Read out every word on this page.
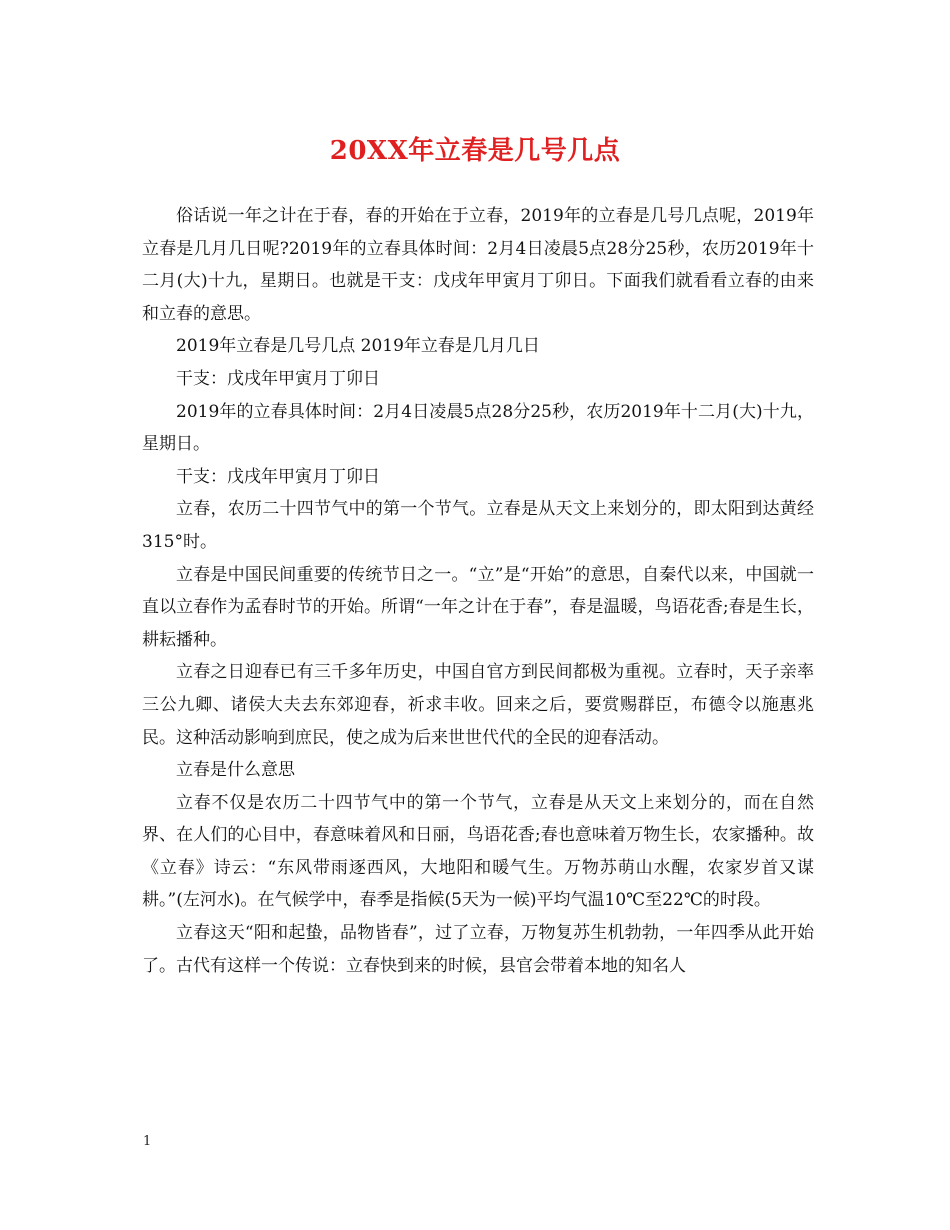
20XX年立春是几号几点

俗话说一年之计在于春，春的开始在于立春，2019年的立春是几号几点呢，2019年立春是几月几日呢?2019年的立春具体时间：2月4日凌晨5点28分25秒，农历2019年十二月(大)十九，星期日。也就是干支：戊戌年甲寅月丁卯日。下面我们就看看立春的由来和立春的意思。

2019年立春是几号几点 2019年立春是几月几日

干支：戊戌年甲寅月丁卯日

2019年的立春具体时间：2月4日凌晨5点28分25秒，农历2019年十二月(大)十九，星期日。

干支：戊戌年甲寅月丁卯日

立春，农历二十四节气中的第一个节气。立春是从天文上来划分的，即太阳到达黄经315°时。

立春是中国民间重要的传统节日之一。“立”是“开始”的意思，自秦代以来，中国就一直以立春作为孟春时节的开始。所谓“一年之计在于春”，春是温暖，鸟语花香;春是生长，耕耘播种。

立春之日迎春已有三千多年历史，中国自官方到民间都极为重视。立春时，天子亲率三公九卿、诸侯大夫去东郊迎春，祈求丰收。回来之后，要赏赐群臣，布德令以施惠兆民。这种活动影响到庶民，使之成为后来世世代代的全民的迎春活动。

立春是什么意思

立春不仅是农历二十四节气中的第一个节气，立春是从天文上来划分的，而在自然界、在人们的心目中，春意味着风和日丽，鸟语花香;春也意味着万物生长，农家播种。故《立春》诗云：“东风带雨逐西风，大地阳和暖气生。万物苏萌山水醒，农家岁首又谋耕。”(左河水)。在气候学中，春季是指候(5天为一候)平均气温10℃至22℃的时段。

立春这天“阳和起蛰，品物皆春”，过了立春，万物复苏生机勃勃，一年四季从此开始了。古代有这样一个传说：立春快到来的时候，县官会带着本地的知名人

1
